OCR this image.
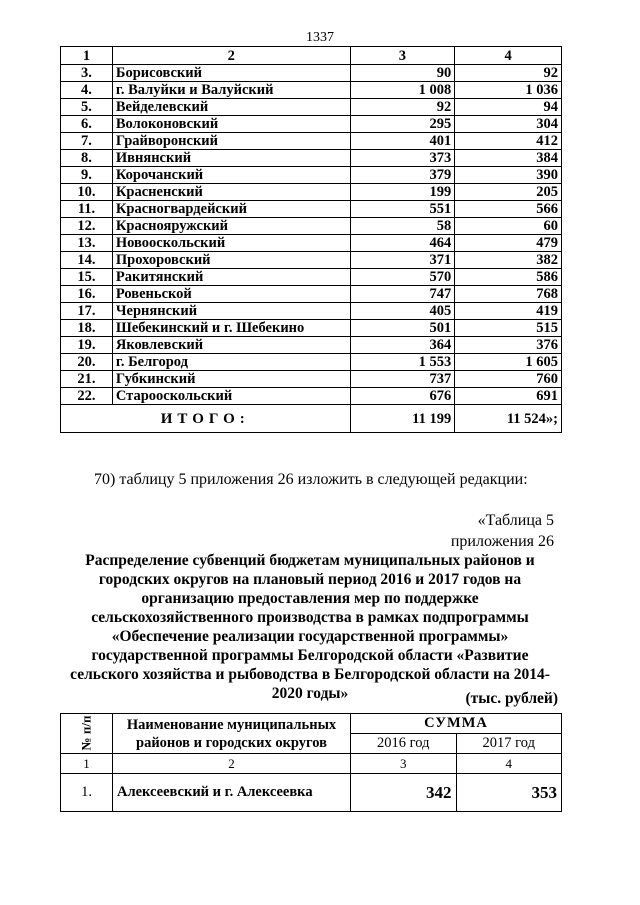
1337
1	2	3	4
3.	Борисовский	90	92
4.	г. Валуйки и Валуйский	1 008	1 036
5.	Вейделевский	92	94
6.	Волоконовский	295	304
7.	Грайворонский	401	412
8.	Ивнянский	373	384
9.	Корочанский	379	390
10.	Красненский	199	205
11.	Красногвардейский	551	566
12.	Краснояружский	58	60
13.	Новооскольский	464	479
14.	Прохоровский	371	382
15.	Ракитянский	570	586
16.	Ровеньской	747	768
17.	Чернянский	405	419
18.	Шебекинский и г. Шебекино	501	515
19.	Яковлевский	364	376
20.	г. Белгород	1 553	1 605
21.	Губкинский	737	760
22.	Старооскольский	676	691
ИТОГО:		11 199	11 524»;
70) таблицу 5 приложения 26 изложить в следующей редакции:
«Таблица 5
приложения 26
Распределение субвенций бюджетам муниципальных районов и городских округов на плановый период 2016 и 2017 годов на организацию предоставления мер по поддержке сельскохозяйственного производства в рамках подпрограммы «Обеспечение реализации государственной программы» государственной программы Белгородской области «Развитие сельского хозяйства и рыбоводства в Белгородской области на 2014-2020 годы»	(тыс. рублей)
№ п/п	Наименование муниципальных районов и городских округов	СУММА	
		2016 год	2017 год
1	2	3	4
1.	Алексеевский и г. Алексеевка	342	353
